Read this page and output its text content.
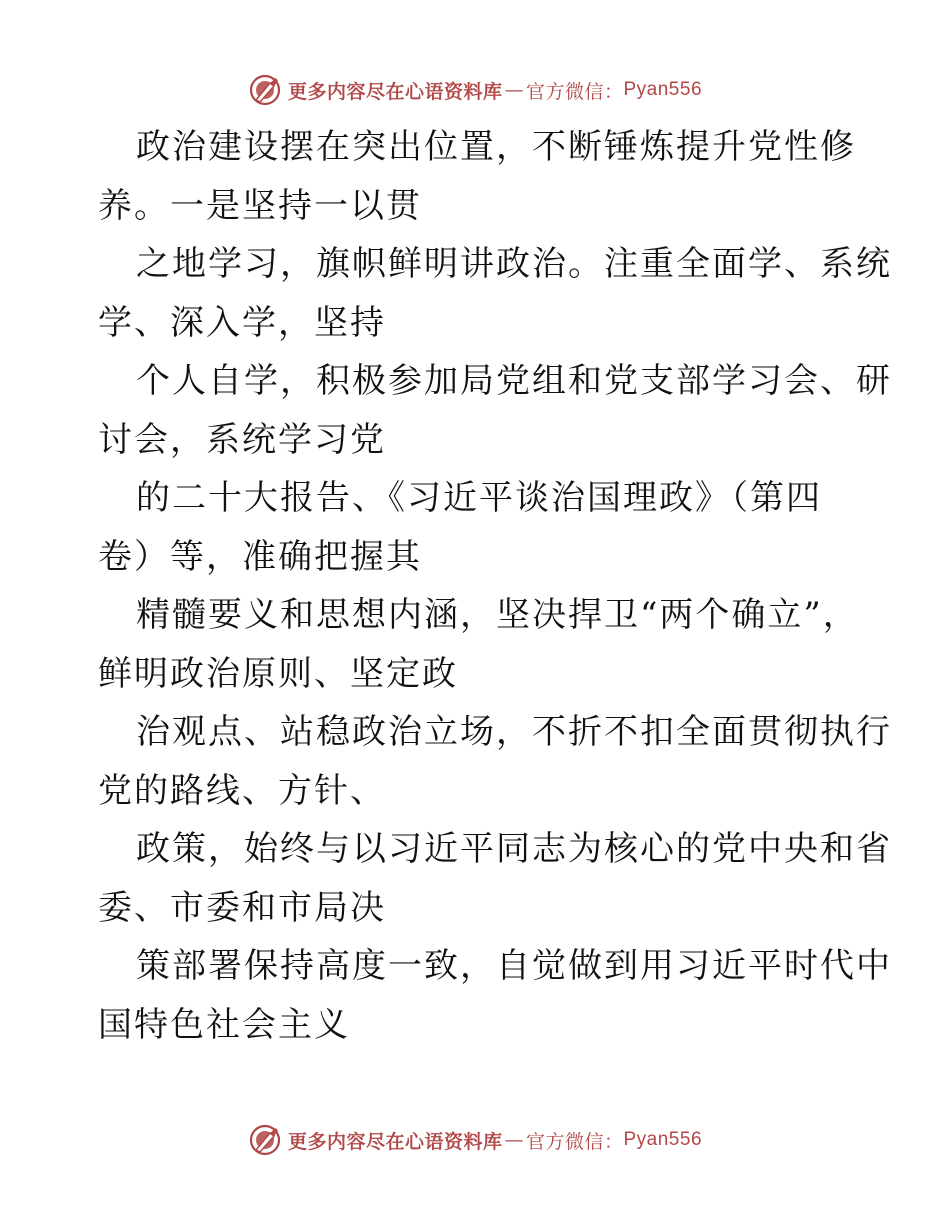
更多内容尽在心语资料库 — 官方微信： Pyan556
政治建设摆在突出位置，不断锤炼提升党性修
养。一是坚持一以贯
之地学习，旗帜鲜明讲政治。注重全面学、系统
学、深入学，坚持
个人自学，积极参加局党组和党支部学习会、研
讨会，系统学习党
的二十大报告、《习近平谈治国理政》（第四
卷）等，准确把握其
精髓要义和思想内涵，坚决捍卫“两个确立”，
鲜明政治原则、坚定政
治观点、站稳政治立场，不折不扣全面贯彻执行
党的路线、方针、
政策，始终与以习近平同志为核心的党中央和省
委、市委和市局决
策部署保持高度一致，自觉做到用习近平时代中
国特色社会主义
更多内容尽在心语资料库 — 官方微信： Pyan556
